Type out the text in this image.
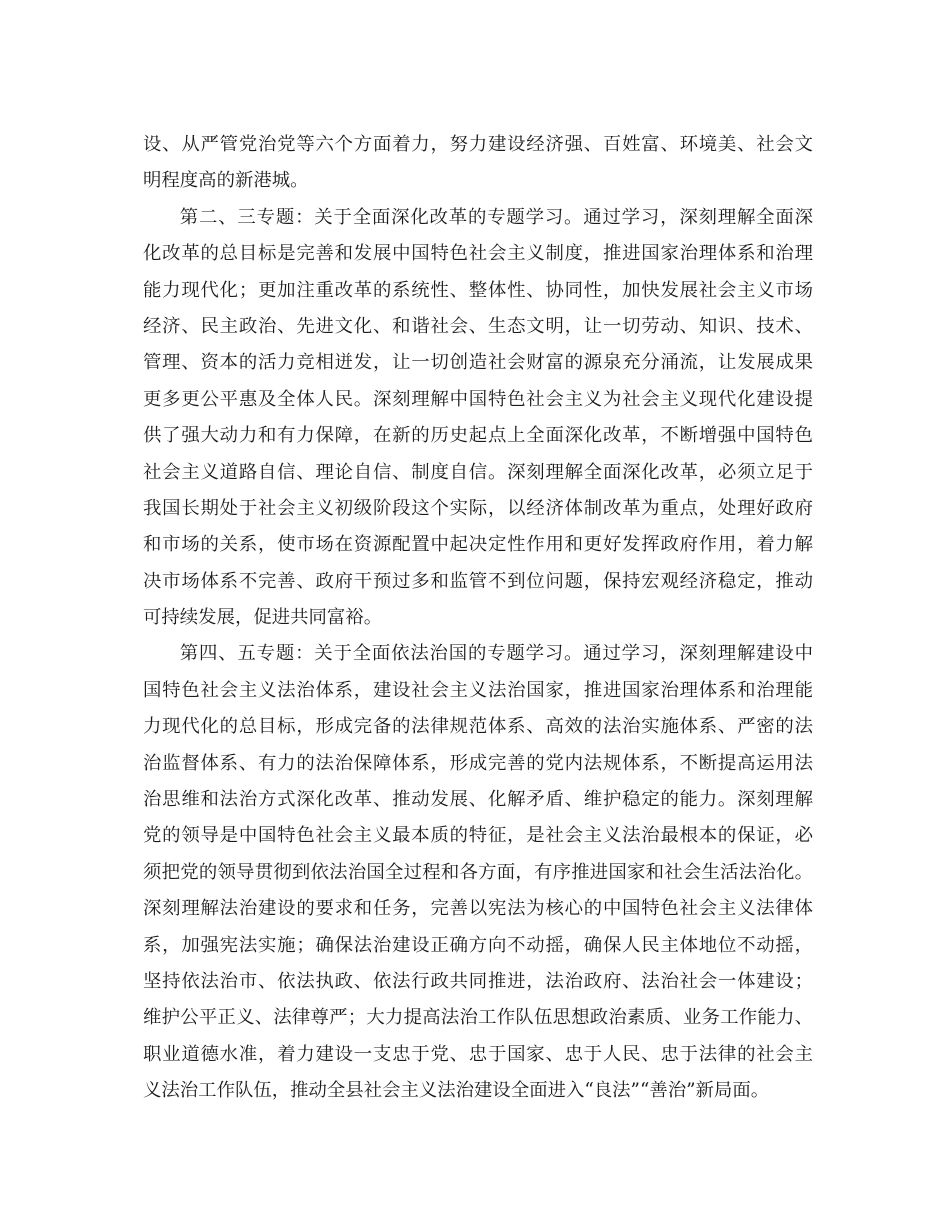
设、从严管党治党等六个方面着力，努力建设经济强、百姓富、环境美、社会文
明程度高的新港城。
第二、三专题：关于全面深化改革的专题学习。通过学习，深刻理解全面深
化改革的总目标是完善和发展中国特色社会主义制度，推进国家治理体系和治理
能力现代化；更加注重改革的系统性、整体性、协同性，加快发展社会主义市场
经济、民主政治、先进文化、和谐社会、生态文明，让一切劳动、知识、技术、
管理、资本的活力竞相迸发，让一切创造社会财富的源泉充分涌流，让发展成果
更多更公平惠及全体人民。深刻理解中国特色社会主义为社会主义现代化建设提
供了强大动力和有力保障，在新的历史起点上全面深化改革，不断增强中国特色
社会主义道路自信、理论自信、制度自信。深刻理解全面深化改革，必须立足于
我国长期处于社会主义初级阶段这个实际，以经济体制改革为重点，处理好政府
和市场的关系，使市场在资源配置中起决定性作用和更好发挥政府作用，着力解
决市场体系不完善、政府干预过多和监管不到位问题，保持宏观经济稳定，推动
可持续发展，促进共同富裕。
第四、五专题：关于全面依法治国的专题学习。通过学习，深刻理解建设中
国特色社会主义法治体系，建设社会主义法治国家，推进国家治理体系和治理能
力现代化的总目标，形成完备的法律规范体系、高效的法治实施体系、严密的法
治监督体系、有力的法治保障体系，形成完善的党内法规体系，不断提高运用法
治思维和法治方式深化改革、推动发展、化解矛盾、维护稳定的能力。深刻理解
党的领导是中国特色社会主义最本质的特征，是社会主义法治最根本的保证，必
须把党的领导贯彻到依法治国全过程和各方面，有序推进国家和社会生活法治化。
深刻理解法治建设的要求和任务，完善以宪法为核心的中国特色社会主义法律体
系，加强宪法实施；确保法治建设正确方向不动摇，确保人民主体地位不动摇，
坚持依法治市、依法执政、依法行政共同推进，法治政府、法治社会一体建设；
维护公平正义、法律尊严；大力提高法治工作队伍思想政治素质、业务工作能力、
职业道德水准，着力建设一支忠于党、忠于国家、忠于人民、忠于法律的社会主
义法治工作队伍，推动全县社会主义法治建设全面进入“良法”“善治”新局面。
